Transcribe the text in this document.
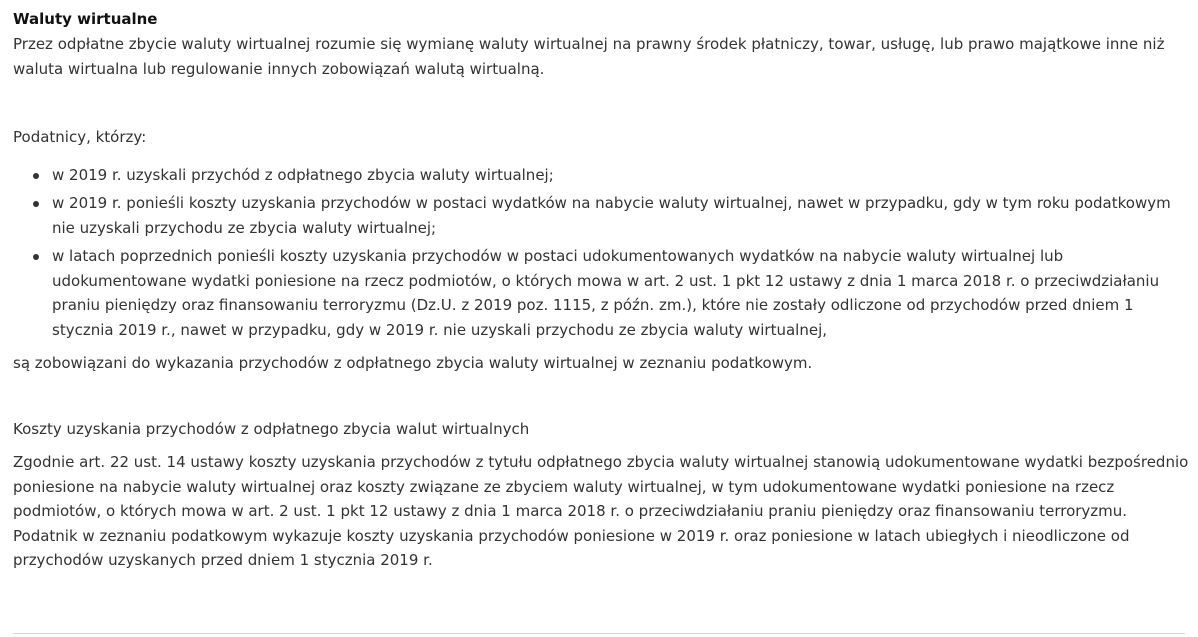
Waluty wirtualne

Przez odpłatne zbycie waluty wirtualnej rozumie się wymianę waluty wirtualnej na prawny środek płatniczy, towar, usługę, lub prawo majątkowe inne niż waluta wirtualna lub regulowanie innych zobowiązań walutą wirtualną.

Podatnicy, którzy:

w 2019 r. uzyskali przychód z odpłatnego zbycia waluty wirtualnej;
w 2019 r. ponieśli koszty uzyskania przychodów w postaci wydatków na nabycie waluty wirtualnej, nawet w przypadku, gdy w tym roku podatkowym nie uzyskali przychodu ze zbycia waluty wirtualnej;
w latach poprzednich ponieśli koszty uzyskania przychodów w postaci udokumentowanych wydatków na nabycie waluty wirtualnej lub udokumentowane wydatki poniesione na rzecz podmiotów, o których mowa w art. 2 ust. 1 pkt 12 ustawy z dnia 1 marca 2018 r. o przeciwdziałaniu praniu pieniędzy oraz finansowaniu terroryzmu (Dz.U. z 2019 poz. 1115, z późn. zm.), które nie zostały odliczone od przychodów przed dniem 1 stycznia 2019 r., nawet w przypadku, gdy w 2019 r. nie uzyskali przychodu ze zbycia waluty wirtualnej,

są zobowiązani do wykazania przychodów z odpłatnego zbycia waluty wirtualnej w zeznaniu podatkowym.

Koszty uzyskania przychodów z odpłatnego zbycia walut wirtualnych

Zgodnie art. 22 ust. 14 ustawy koszty uzyskania przychodów z tytułu odpłatnego zbycia waluty wirtualnej stanowią udokumentowane wydatki bezpośrednio poniesione na nabycie waluty wirtualnej oraz koszty związane ze zbyciem waluty wirtualnej, w tym udokumentowane wydatki poniesione na rzecz podmiotów, o których mowa w art. 2 ust. 1 pkt 12 ustawy z dnia 1 marca 2018 r. o przeciwdziałaniu praniu pieniędzy oraz finansowaniu terroryzmu.

Podatnik w zeznaniu podatkowym wykazuje koszty uzyskania przychodów poniesione w 2019 r. oraz poniesione w latach ubiegłych i nieodliczone od przychodów uzyskanych przed dniem 1 stycznia 2019 r.
